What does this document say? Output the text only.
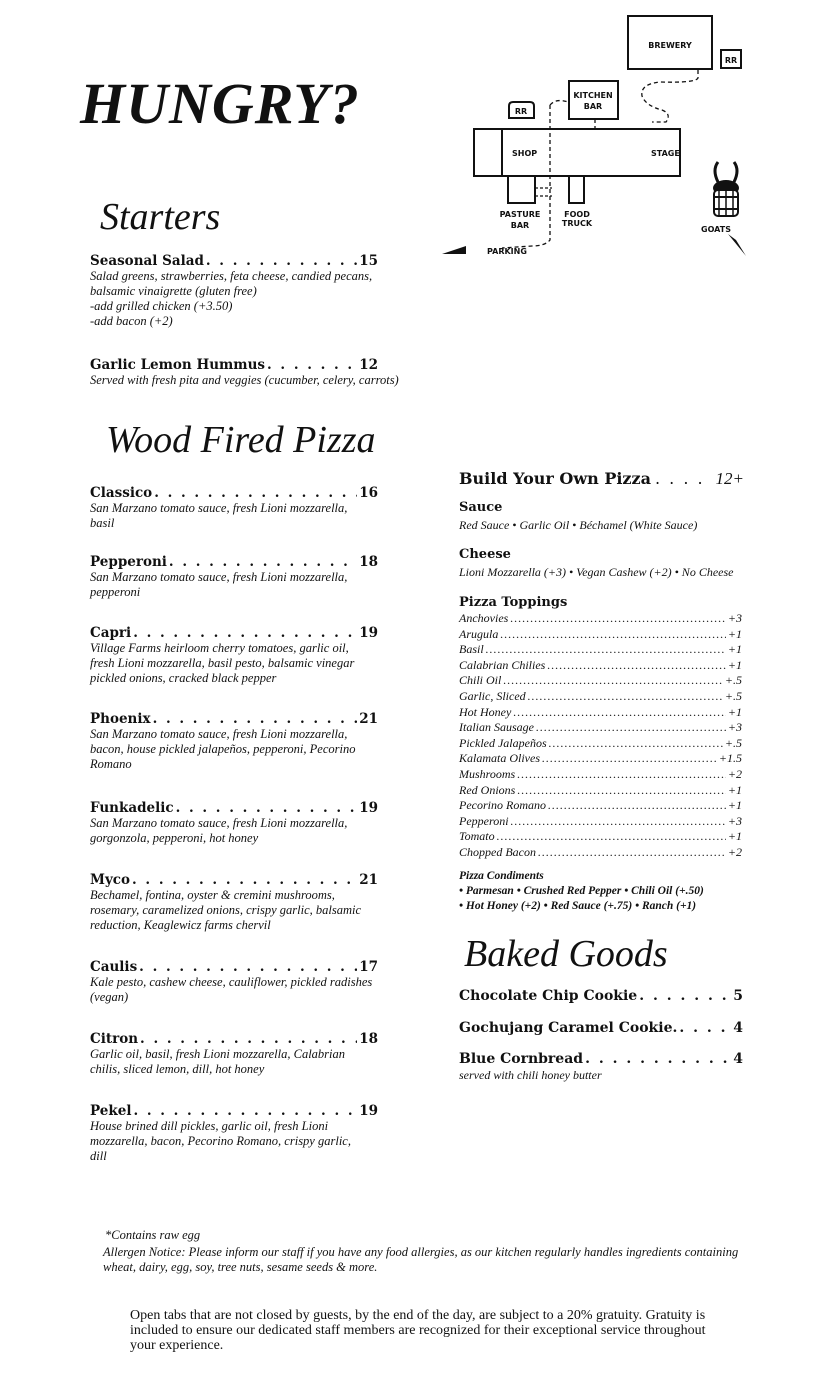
HUNGRY?
BREWERY
RR
KITCHEN
BAR
RR
SHOP	STAGE
PASTURE
BAR
FOOD
TRUCK
PARKING
GOATS
Starters
Seasonal Salad . . .	15
Salad greens, strawberries, feta cheese, candied pecans,
balsamic vinaigrette (gluten free)
-add grilled chicken (+3.50)
-add bacon (+2)
Garlic Lemon Hummus . . .	12
Served with fresh pita and veggies (cucumber, celery, carrots)
Wood Fired Pizza
Classico . . .	16
San Marzano tomato sauce, fresh Lioni mozzarella,
basil
Pepperoni . . .	18
San Marzano tomato sauce, fresh Lioni mozzarella,
pepperoni
Capri . . .	19
Village Farms heirloom cherry tomatoes, garlic oil,
fresh Lioni mozzarella, basil pesto, balsamic vinegar
pickled onions, cracked black pepper
Phoenix . . .	21
San Marzano tomato sauce, fresh Lioni mozzarella,
bacon, house pickled jalapeños, pepperoni, Pecorino
Romano
Funkadelic . . .	19
San Marzano tomato sauce, fresh Lioni mozzarella,
gorgonzola, pepperoni, hot honey
Myco . . .	21
Bechamel, fontina, oyster & cremini mushrooms,
rosemary, caramelized onions, crispy garlic, balsamic
reduction, Keaglewicz farms chervil
Caulis . . .	17
Kale pesto, cashew cheese, cauliflower, pickled radishes
(vegan)
Citron . . .	18
Garlic oil, basil, fresh Lioni mozzarella, Calabrian
chilis, sliced lemon, dill, hot honey
Pekel . . .	19
House brined dill pickles, garlic oil, fresh Lioni
mozzarella, bacon, Pecorino Romano, crispy garlic,
dill
Build Your Own Pizza . . .	12+
Sauce
Red Sauce • Garlic Oil • Béchamel (White Sauce)
Cheese
Lioni Mozzarella (+3) • Vegan Cashew (+2) • No Cheese
Pizza Toppings
Anchovies .....	+3
Arugula .....	+1
Basil .....	+1
Calabrian Chilies .....	+1
Chili Oil .....	+.5
Garlic, Sliced .....	+.5
Hot Honey .....	+1
Italian Sausage .....	+3
Pickled Jalapeños .....	+.5
Kalamata Olives .....	+1.5
Mushrooms .....	+2
Red Onions .....	+1
Pecorino Romano .....	+1
Pepperoni .....	+3
Tomato .....	+1
Chopped Bacon .....	+2
Pizza Condiments
• Parmesan • Crushed Red Pepper • Chili Oil (+.50)
• Hot Honey (+2) • Red Sauce (+.75) • Ranch (+1)
Baked Goods
Chocolate Chip Cookie . . .	5
Gochujang Caramel Cookie. . . .	4
Blue Cornbread . . .	4
served with chili honey butter
*Contains raw egg
Allergen Notice: Please inform our staff if you have any food allergies, as our kitchen regularly handles ingredients containing wheat, dairy, egg, soy, tree nuts, sesame seeds & more.
Open tabs that are not closed by guests, by the end of the day, are subject to a 20% gratuity. Gratuity is included to ensure our dedicated staff members are recognized for their exceptional service throughout your experience.
